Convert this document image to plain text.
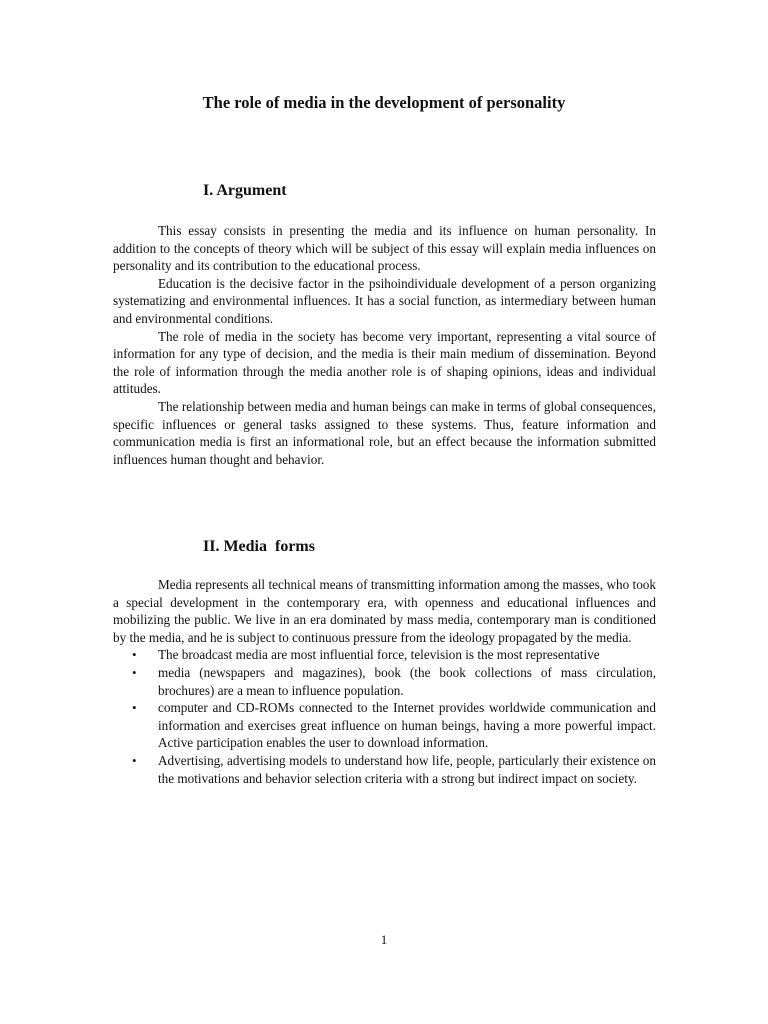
The role of media in the development of personality
I. Argument

This essay consists in presenting the media and its influence on human personality. In addition to the concepts of theory which will be subject of this essay will explain media influences on personality and its contribution to the educational process.

Education is the decisive factor in the psihoindividuale development of a person organizing systematizing and environmental influences. It has a social function, as intermediary between human and environmental conditions.

The role of media in the society has become very important, representing a vital source of information for any type of decision, and the media is their main medium of dissemination. Beyond the role of information through the media another role is of shaping opinions, ideas and individual attitudes.

The relationship between media and human beings can make in terms of global consequences, specific influences or general tasks assigned to these systems. Thus, feature information and communication media is first an informational role, but an effect because the information submitted influences human thought and behavior.

II. Media  forms

Media represents all technical means of transmitting information among the masses, who took a special development in the contemporary era, with openness and educational influences and mobilizing the public. We live in an era dominated by mass media, contemporary man is conditioned by the media, and he is subject to continuous pressure from the ideology propagated by the media.

• The broadcast media are most influential force, television is the most representative
• media (newspapers and magazines), book (the book collections of mass circulation, brochures) are a mean to influence population.
• computer and CD-ROMs connected to the Internet provides worldwide communication and information and exercises great influence on human beings, having a more powerful impact. Active participation enables the user to download information.
• Advertising, advertising models to understand how life, people, particularly their existence on the motivations and behavior selection criteria with a strong but indirect impact on society.
1
